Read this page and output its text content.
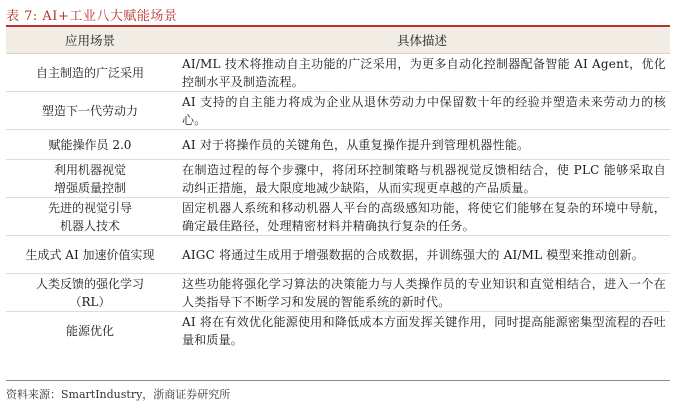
表 7: AI+工业八大赋能场景
应用场景	具体描述

自主制造的广泛采用	AI/ML 技术将推动自主功能的广泛采用，为更多自动化控制器配备智能 AI Agent，优化控制水平及制造流程。

塑造下一代劳动力	AI 支持的自主能力将成为企业从退休劳动力中保留数十年的经验并塑造未来劳动力的核心。

赋能操作员 2.0	AI 对于将操作员的关键角色，从重复操作提升到管理机器性能。

利用机器视觉
增强质量控制	在制造过程的每个步骤中，将闭环控制策略与机器视觉反馈相结合，使 PLC 能够采取自动纠正措施，最大限度地减少缺陷，从而实现更卓越的产品质量。

先进的视觉引导
机器人技术	固定机器人系统和移动机器人平台的高级感知功能，将使它们能够在复杂的环境中导航，确定最佳路径，处理精密材料并精确执行复杂的任务。

生成式 AI 加速价值实现	AIGC 将通过生成用于增强数据的合成数据，并训练强大的 AI/ML 模型来推动创新。

人类反馈的强化学习
（RL）	这些功能将强化学习算法的决策能力与人类操作员的专业知识和直觉相结合，进入一个在人类指导下不断学习和发展的智能系统的新时代。

能源优化	AI 将在有效优化能源使用和降低成本方面发挥关键作用，同时提高能源密集型流程的吞吐量和质量。
资料来源：SmartIndustry，浙商证券研究所
